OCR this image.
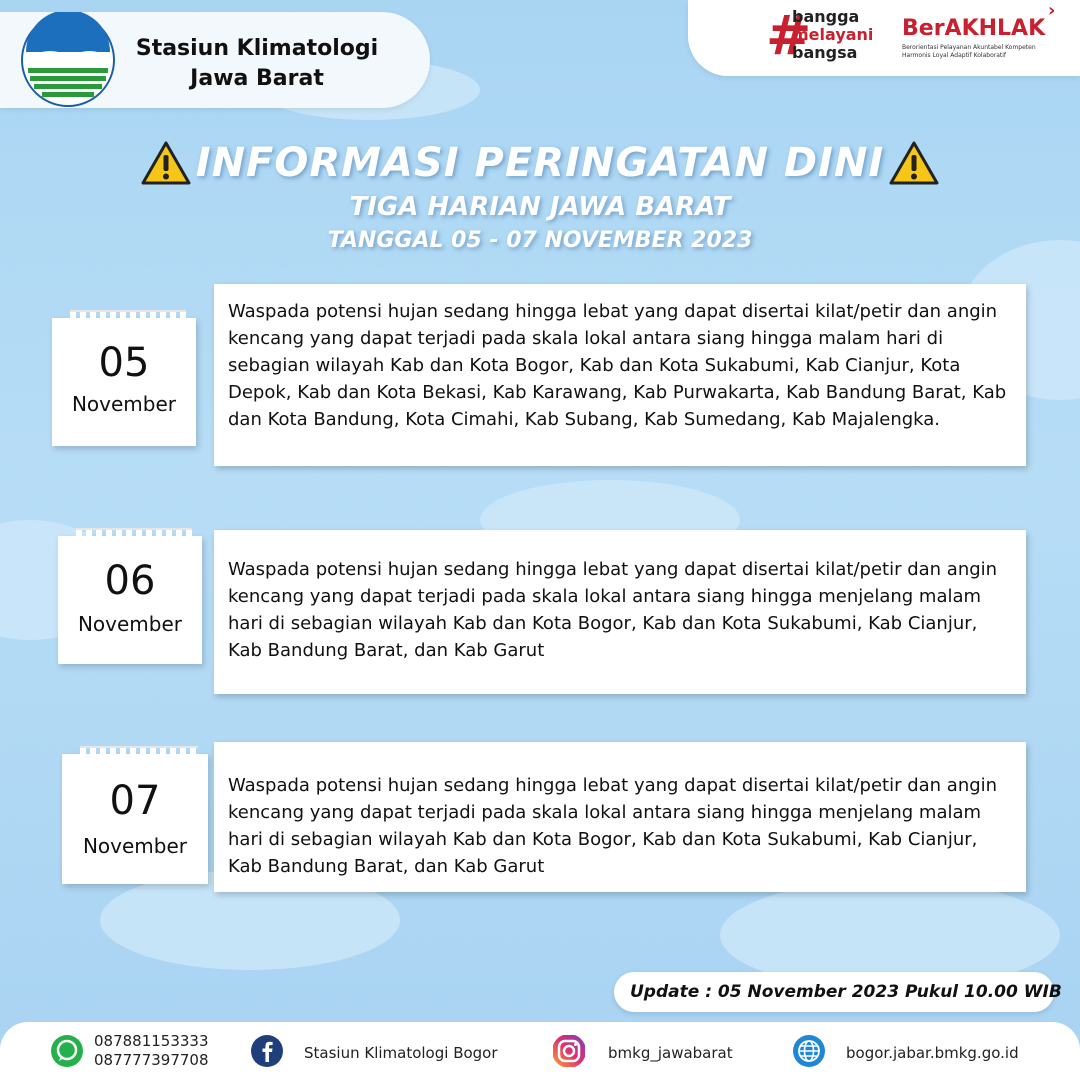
Stasiun Klimatologi
Jawa Barat
#
bangga
melayani
bangsa
BerAKHLAK
Berorientasi Pelayanan Akuntabel Kompeten Harmonis Loyal Adaptif Kolaboratif
›
INFORMASI PERINGATAN DINI
TIGA HARIAN JAWA BARAT
TANGGAL 05 - 07 NOVEMBER 2023
05
November
Waspada potensi hujan sedang hingga lebat yang dapat disertai kilat/petir dan angin kencang yang dapat terjadi pada skala lokal antara siang hingga malam hari di sebagian wilayah Kab dan Kota Bogor, Kab dan Kota Sukabumi, Kab Cianjur, Kota Depok, Kab dan Kota Bekasi, Kab Karawang, Kab Purwakarta, Kab Bandung Barat, Kab dan Kota Bandung, Kota Cimahi, Kab Subang, Kab Sumedang, Kab Majalengka.
06
November
Waspada potensi hujan sedang hingga lebat yang dapat disertai kilat/petir dan angin kencang yang dapat terjadi pada skala lokal antara siang hingga menjelang malam hari di sebagian wilayah Kab dan Kota Bogor, Kab dan Kota Sukabumi, Kab Cianjur, Kab Bandung Barat, dan Kab Garut
07
November
Waspada potensi hujan sedang hingga lebat yang dapat disertai kilat/petir dan angin kencang yang dapat terjadi pada skala lokal antara siang hingga menjelang malam hari di sebagian wilayah Kab dan Kota Bogor, Kab dan Kota Sukabumi, Kab Cianjur, Kab Bandung Barat, dan Kab Garut
Update : 05 November 2023 Pukul 10.00 WIB
087881153333
087777397708	Stasiun Klimatologi Bogor	bmkg_jawabarat	bogor.jabar.bmkg.go.id
